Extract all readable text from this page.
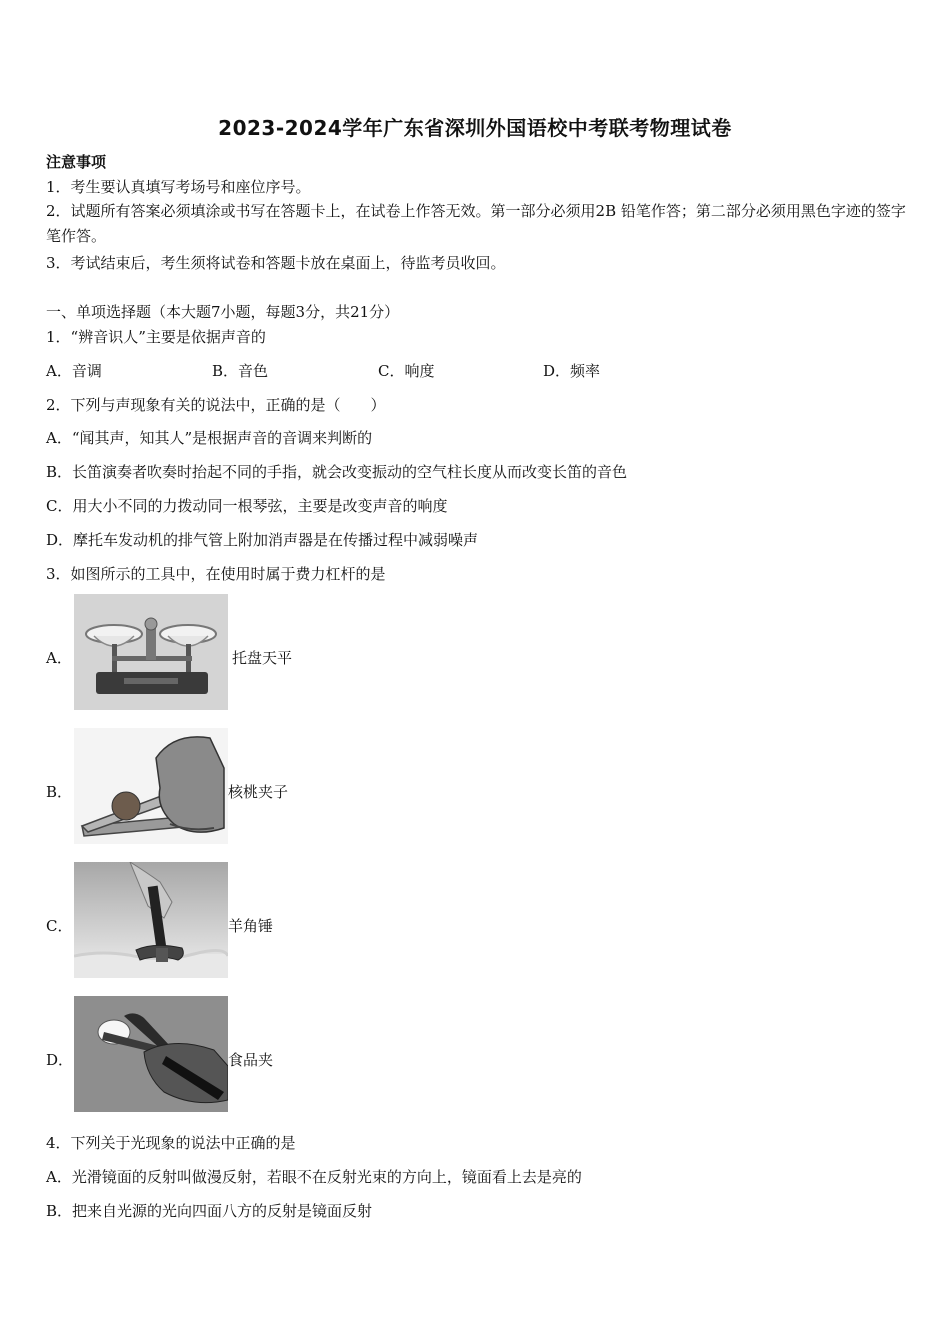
2023-2024学年广东省深圳外国语校中考联考物理试卷
注意事项
1．考生要认真填写考场号和座位序号。
2．试题所有答案必须填涂或书写在答题卡上，在试卷上作答无效。第一部分必须用2B 铅笔作答；第二部分必须用黑色字迹的签字笔作答。
3．考试结束后，考生须将试卷和答题卡放在桌面上，待监考员收回。
一、单项选择题（本大题7小题，每题3分，共21分）
1．“辨音识人”主要是依据声音的
A．音调	B．音色	C．响度	D．频率
2．下列与声现象有关的说法中，正确的是（　　）
A．“闻其声，知其人”是根据声音的音调来判断的
B．长笛演奏者吹奏时抬起不同的手指，就会改变振动的空气柱长度从而改变长笛的音色
C．用大小不同的力拨动同一根琴弦，主要是改变声音的响度
D．摩托车发动机的排气管上附加消声器是在传播过程中减弱噪声
3．如图所示的工具中，在使用时属于费力杠杆的是
A．	托盘天平
B．	核桃夹子
C．	羊角锤
D．	食品夹
4．下列关于光现象的说法中正确的是
A．光滑镜面的反射叫做漫反射，若眼不在反射光束的方向上，镜面看上去是亮的
B．把来自光源的光向四面八方的反射是镜面反射
